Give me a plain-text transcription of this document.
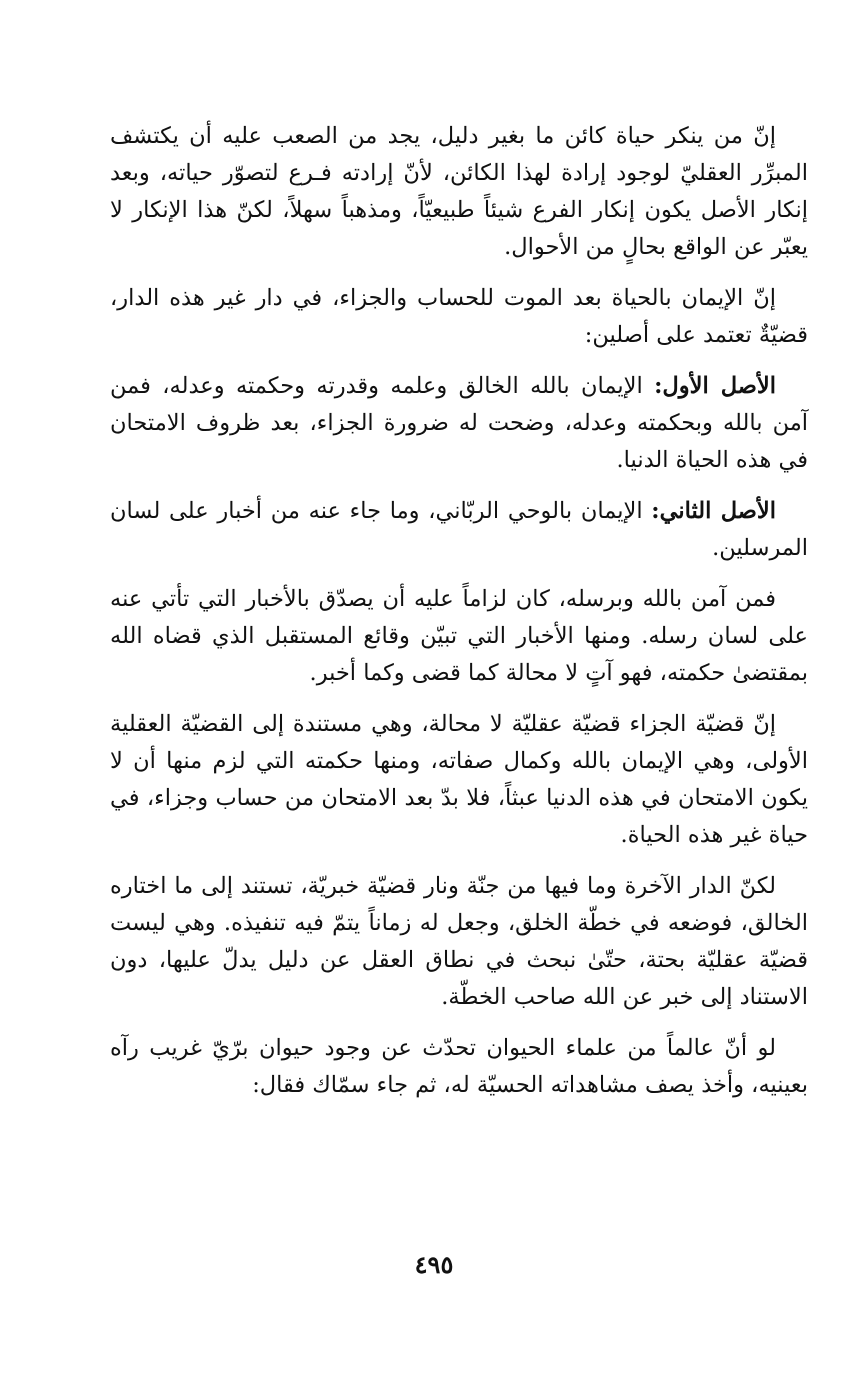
إنّ من ينكر حياة كائن ما بغير دليل، يجد من الصعب عليه أن يكتشف المبرِّر العقليّ لوجود إرادة لهذا الكائن، لأنّ إرادته فـرع لتصوّر حياته، وبعد إنكار الأصل يكون إنكار الفرع شيئاً طبيعيّاً، ومذهباً سهلاً، لكنّ هذا الإنكار لا يعبّر عن الواقع بحالٍ من الأحوال.

إنّ الإيمان بالحياة بعد الموت للحساب والجزاء، في دار غير هذه الدار، قضيّةٌ تعتمد على أصلين:

الأصل الأول: الإيمان بالله الخالق وعلمه وقدرته وحكمته وعدله، فمن آمن بالله وبحكمته وعدله، وضحت له ضرورة الجزاء، بعد ظروف الامتحان في هذه الحياة الدنيا.

الأصل الثاني: الإيمان بالوحي الربّاني، وما جاء عنه من أخبار على لسان المرسلين.

فمن آمن بالله وبرسله، كان لزاماً عليه أن يصدّق بالأخبار التي تأتي عنه على لسان رسله. ومنها الأخبار التي تبيّن وقائع المستقبل الذي قضاه الله بمقتضىٰ حكمته، فهو آتٍ لا محالة كما قضى وكما أخبر.

إنّ قضيّة الجزاء قضيّة عقليّة لا محالة، وهي مستندة إلى القضيّة العقلية الأولى، وهي الإيمان بالله وكمال صفاته، ومنها حكمته التي لزم منها أن لا يكون الامتحان في هذه الدنيا عبثاً، فلا بدّ بعد الامتحان من حساب وجزاء، في حياة غير هذه الحياة.

لكنّ الدار الآخرة وما فيها من جنّة ونار قضيّة خبريّة، تستند إلى ما اختاره الخالق، فوضعه في خطّة الخلق، وجعل له زماناً يتمّ فيه تنفيذه. وهي ليست قضيّة عقليّة بحتة، حتّىٰ نبحث في نطاق العقل عن دليل يدلّ عليها، دون الاستناد إلى خبر عن الله صاحب الخطّة.

لو أنّ عالماً من علماء الحيوان تحدّث عن وجود حيوان برّيّ غريب رآه بعينيه، وأخذ يصف مشاهداته الحسيّة له، ثم جاء سمّاك فقال:

٤٩٥
